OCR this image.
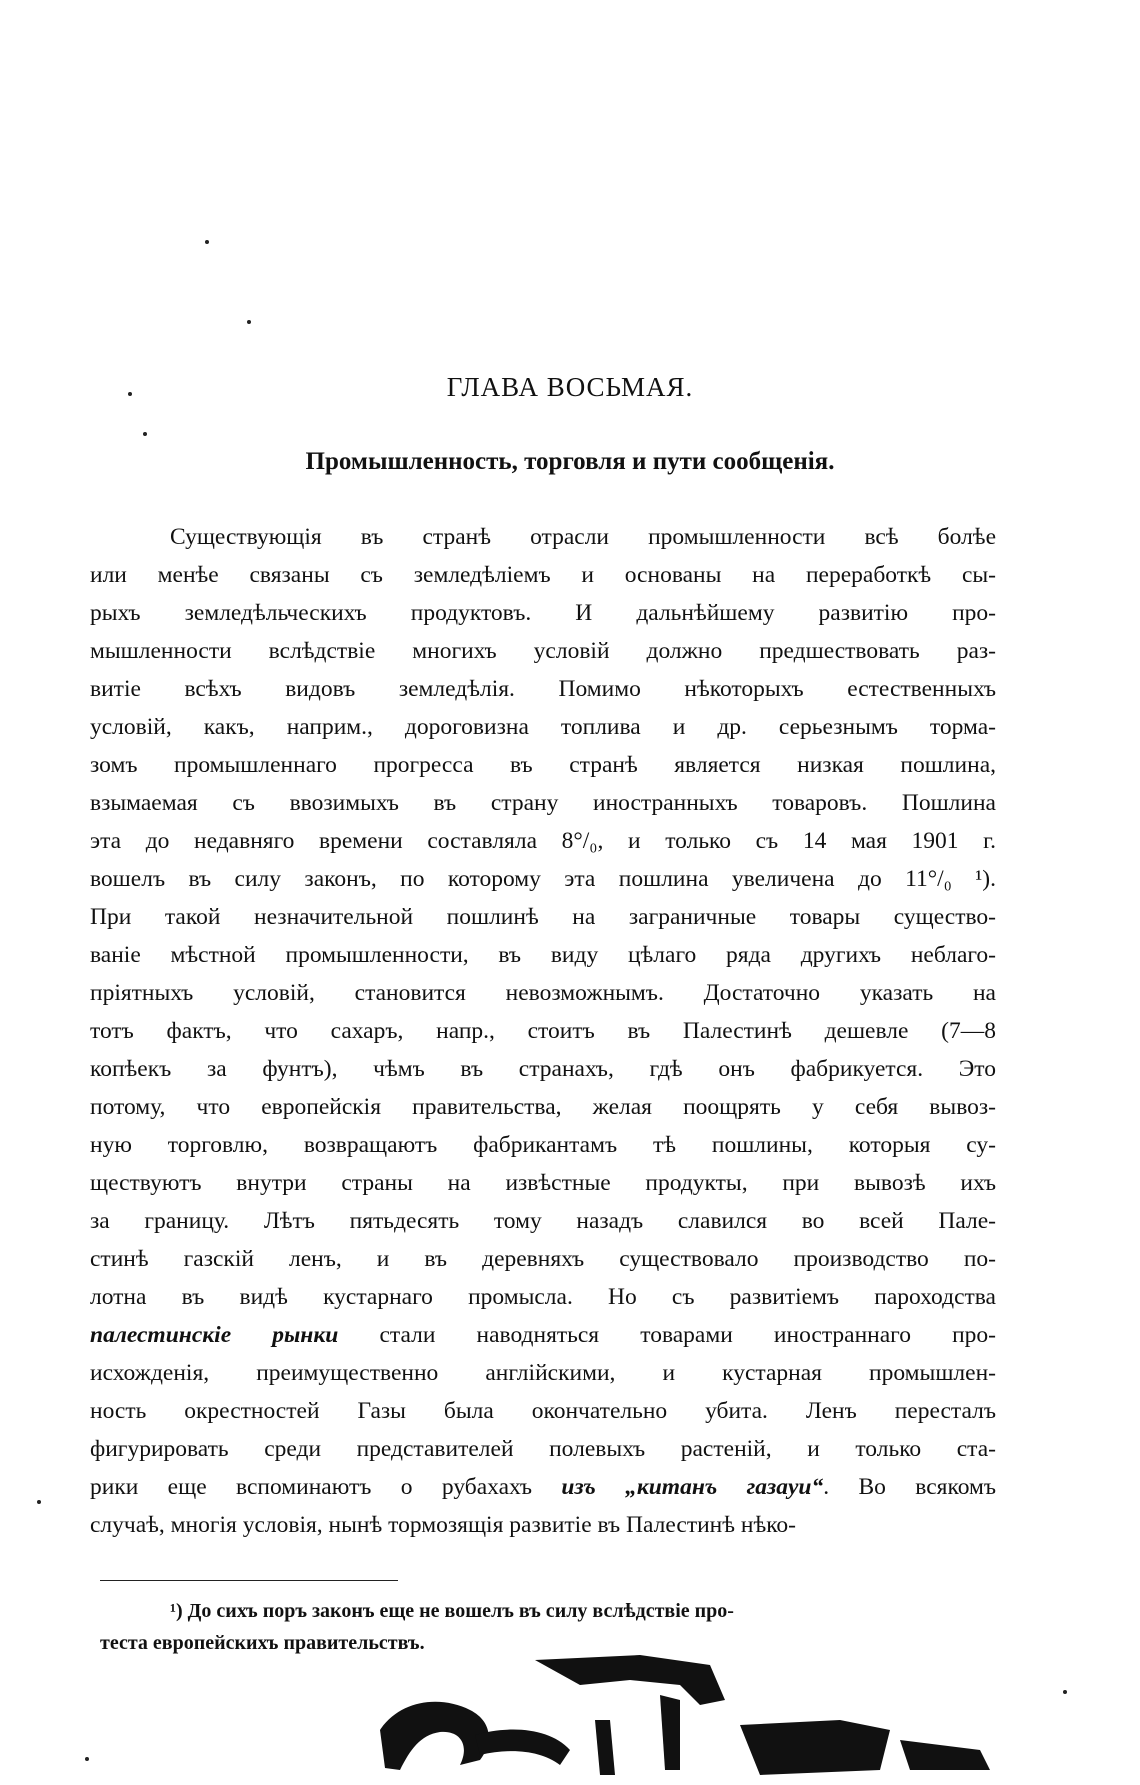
ГЛАВА ВОСЬМАЯ.
Промышленность, торговля и пути сообщенія.
Существующія въ странѣ отрасли промышленности всѣ болѣе
или менѣе связаны съ земледѣліемъ и основаны на переработкѣ сы-
рыхъ земледѣльческихъ продуктовъ. И дальнѣйшему развитію про-
мышленности вслѣдствіе многихъ условій должно предшествовать раз-
витіе всѣхъ видовъ земледѣлія. Помимо нѣкоторыхъ естественныхъ
условій, какъ, наприм., дороговизна топлива и др. серьезнымъ торма-
зомъ промышленнаго прогресса въ странѣ является низкая пошлина,
взымаемая съ ввозимыхъ въ страну иностранныхъ товаровъ. Пошлина
эта до недавняго времени составляла 8°/₀, и только съ 14 мая 1901 г.
вошелъ въ силу законъ, по которому эта пошлина увеличена до 11°/₀ ¹).
При такой незначительной пошлинѣ на заграничные товары существо-
ваніе мѣстной промышленности, въ виду цѣлаго ряда другихъ неблаго-
пріятныхъ условій, становится невозможнымъ. Достаточно указать на
тотъ фактъ, что сахаръ, напр., стоитъ въ Палестинѣ дешевле (7—8
копѣекъ за фунтъ), чѣмъ въ странахъ, гдѣ онъ фабрикуется. Это
потому, что европейскія правительства, желая поощрять у себя вывоз-
ную торговлю, возвращаютъ фабрикантамъ тѣ пошлины, которыя су-
ществуютъ внутри страны на извѣстные продукты, при вывозѣ ихъ
за границу. Лѣтъ пятьдесять тому назадъ славился во всей Пале-
стинѣ газскій ленъ, и въ деревняхъ существовало производство по-
лотна въ видѣ кустарнаго промысла. Но съ развитіемъ пароходства
палестинскіе рынки стали наводняться товарами иностраннаго про-
исхожденія, преимущественно англійскими, и кустарная промышлен-
ность окрестностей Газы была окончательно убита. Ленъ пересталъ
фигурировать среди представителей полевыхъ растеній, и только ста-
рики еще вспоминаютъ о рубахахъ изъ „китанъ газаyu“. Во всякомъ
случаѣ, многія условія, нынѣ тормозящія развитіе въ Палестинѣ нѣко-
¹) До сихъ поръ законъ еще не вошелъ въ силу вслѣдствіе про-
теста европейскихъ правительствъ.
